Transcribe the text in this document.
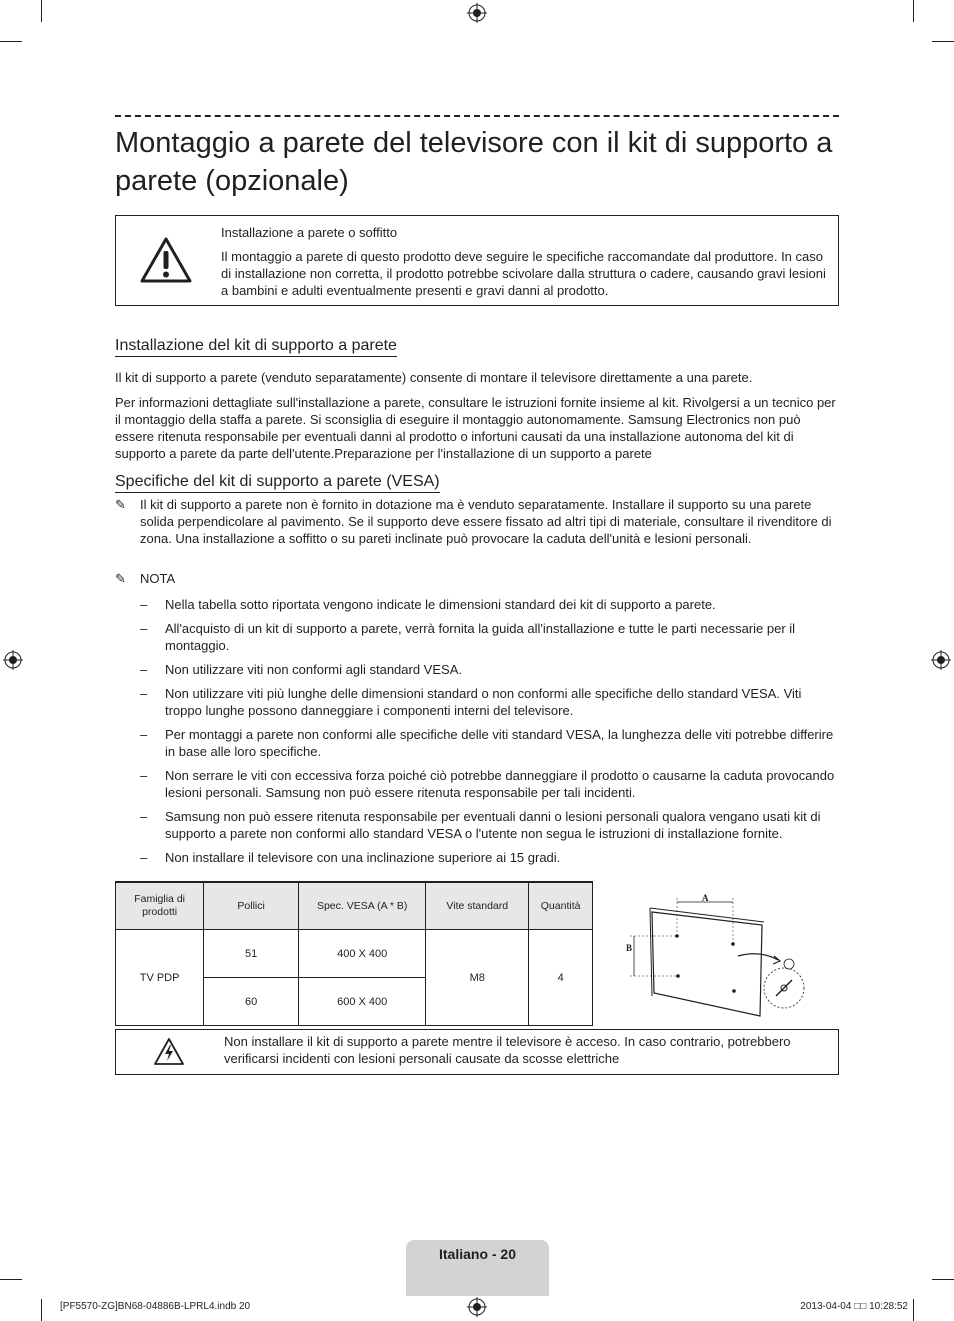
Montaggio a parete del televisore con il kit di supporto a parete (opzionale)
Installazione a parete o soffitto
Il montaggio a parete di questo prodotto deve seguire le specifiche raccomandate dal produttore. In caso di installazione non corretta, il prodotto potrebbe scivolare dalla struttura o cadere, causando gravi lesioni a bambini e adulti eventualmente presenti e gravi danni al prodotto.
Installazione del kit di supporto a parete

Il kit di supporto a parete (venduto separatamente) consente di montare il televisore direttamente a una parete.

Per informazioni dettagliate sull'installazione a parete, consultare le istruzioni fornite insieme al kit. Rivolgersi a un tecnico per il montaggio della staffa a parete. Si sconsiglia di eseguire il montaggio autonomamente. Samsung Electronics non può essere ritenuta responsabile per eventuali danni al prodotto o infortuni causati da una installazione autonoma del kit di supporto a parete da parte dell'utente.Preparazione per l'installazione di un supporto a parete

Specifiche del kit di supporto a parete (VESA)
✎	Il kit di supporto a parete non è fornito in dotazione ma è venduto separatamente. Installare il supporto su una parete solida perpendicolare al pavimento. Se il supporto deve essere fissato ad altri tipi di materiale, consultare il rivenditore di zona. Una installazione a soffitto o su pareti inclinate può provocare la caduta dell'unità e lesioni personali.
✎	NOTA
– Nella tabella sotto riportata vengono indicate le dimensioni standard dei kit di supporto a parete.
– All'acquisto di un kit di supporto a parete, verrà fornita la guida all'installazione e tutte le parti necessarie per il montaggio.
– Non utilizzare viti non conformi agli standard VESA.
– Non utilizzare viti più lunghe delle dimensioni standard o non conformi alle specifiche dello standard VESA. Viti troppo lunghe possono danneggiare i componenti interni del televisore.
– Per montaggi a parete non conformi alle specifiche delle viti standard VESA, la lunghezza delle viti potrebbe differire in base alle loro specifiche.
– Non serrare le viti con eccessiva forza poiché ciò potrebbe danneggiare il prodotto o causarne la caduta provocando lesioni personali. Samsung non può essere ritenuta responsabile per tali incidenti.
– Samsung non può essere ritenuta responsabile per eventuali danni o lesioni personali qualora vengano usati kit di supporto a parete non conformi allo standard VESA o l'utente non segua le istruzioni di installazione fornite.
– Non installare il televisore con una inclinazione superiore ai 15 gradi.
Famiglia di prodotti	Pollici	Spec. VESA (A * B)	Vite standard	Quantità
TV PDP	51	400 X 400	M8	4
	60	600 X 400		
A
B
Non installare il kit di supporto a parete mentre il televisore è acceso. In caso contrario, potrebbero verificarsi incidenti con lesioni personali causate da scosse elettriche
Italiano - 20
[PF5570-ZG]BN68-04886B-LPRL4.indb 20	2013-04-04 □□ 10:28:52
